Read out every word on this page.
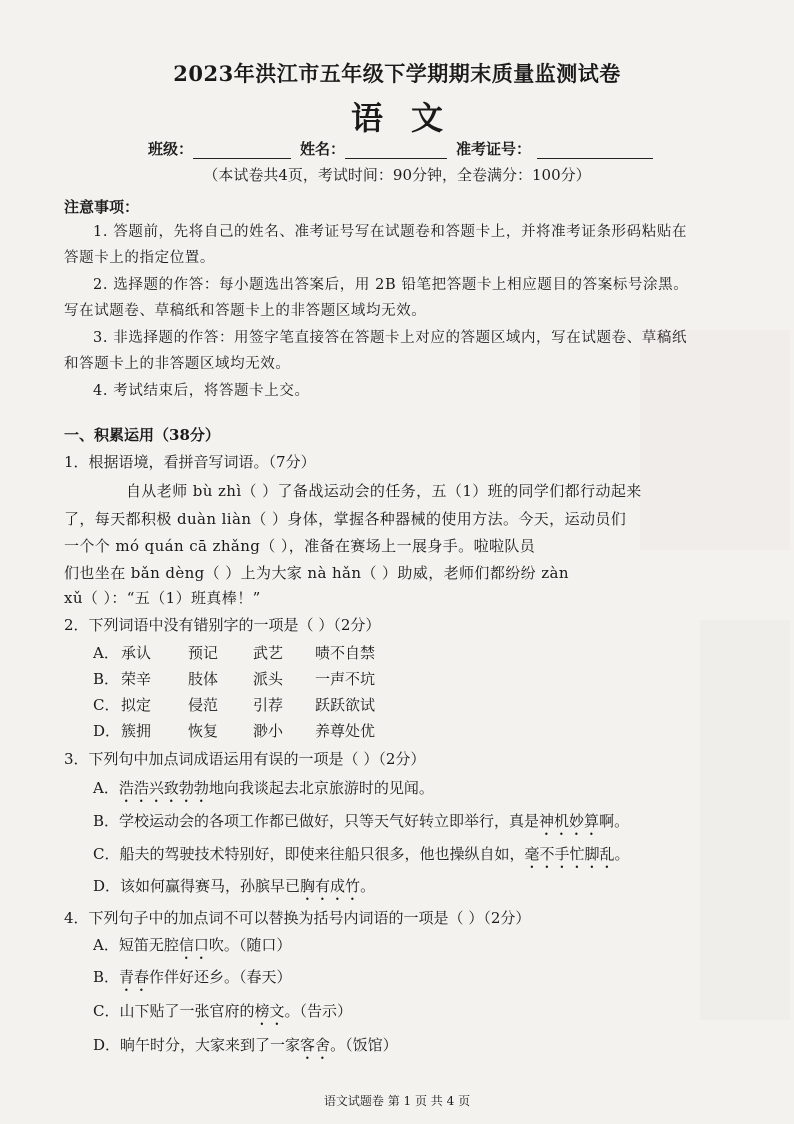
2023年洪江市五年级下学期期末质量监测试卷
语文
班级：	姓名：	准考证号：
（本试卷共4页，考试时间：90分钟，全卷满分：100分）
注意事项：
1. 答题前，先将自己的姓名、准考证号写在试题卷和答题卡上，并将准考证条形码粘贴在
答题卡上的指定位置。
2. 选择题的作答：每小题选出答案后，用 2B 铅笔把答题卡上相应题目的答案标号涂黑。
写在试题卷、草稿纸和答题卡上的非答题区域均无效。
3. 非选择题的作答：用签字笔直接答在答题卡上对应的答题区域内，写在试题卷、草稿纸
和答题卡上的非答题区域均无效。
4. 考试结束后，将答题卡上交。
一、积累运用（38分）
1．根据语境，看拼音写词语。（7分）
自从老师 bù zhì（ ）了备战运动会的任务，五（1）班的同学们都行动起来
了，每天都积极 duàn liàn（ ）身体，掌握各种器械的使用方法。今天，运动员们
一个个 mó quán cā zhǎng（ ），准备在赛场上一展身手。啦啦队员
们也坐在 bǎn dèng（ ）上为大家 nà hǎn（ ）助威，老师们都纷纷 zàn
xǔ（ ）：“五（1）班真棒！”
2．下列词语中没有错别字的一项是（ ）（2分）
A． 承认 预记 武艺 啧不自禁
B． 荣辛 肢体 派头 一声不坑
C． 拟定 侵范 引荐 跃跃欲试
D． 簇拥 恢复 渺小 养尊处优
3．下列句中加点词成语运用有误的一项是（ ）（2分）
A．浩浩兴致勃勃地向我谈起去北京旅游时的见闻。
B．学校运动会的各项工作都已做好，只等天气好转立即举行，真是神机妙算啊。
C．船夫的驾驶技术特别好，即使来往船只很多，他也操纵自如，毫不手忙脚乱。
D．该如何赢得赛马，孙膑早已胸有成竹。
4．下列句子中的加点词不可以替换为括号内词语的一项是（ ）（2分）
A．短笛无腔信口吹。（随口）
B．青春作伴好还乡。（春天）
C．山下贴了一张官府的榜文。（告示）
D．晌午时分，大家来到了一家客舍。（饭馆）
语文试题卷 第 1 页 共 4 页
